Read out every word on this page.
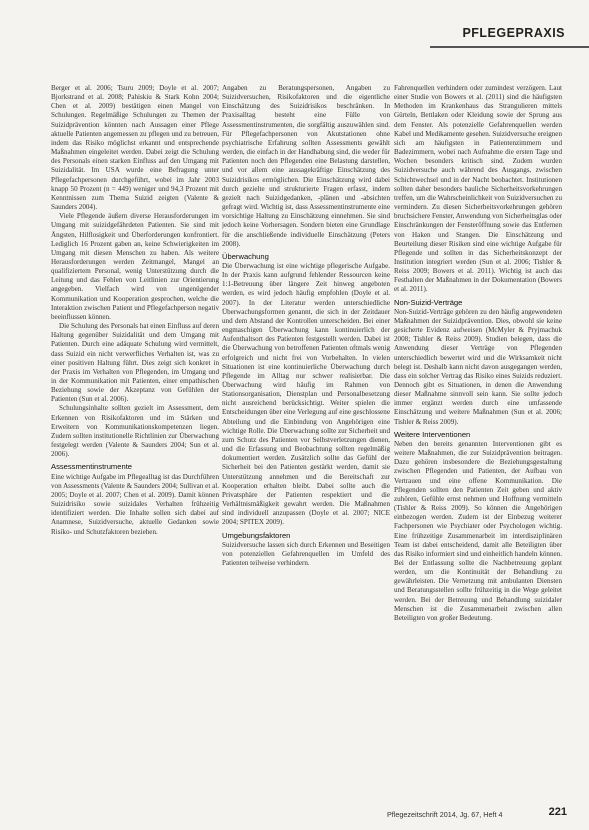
PFLEGEPRAXIS

Berger et al. 2006; Tsuru 2009; Doyle et al. 2007; Bjorkstrand et al. 2008; Pahiskiu & Stark Kohn 2004; Chen et al. 2009) bestätigen einen Mangel von Schulungen. Regelmäßige Schulungen zu Themen der Suizidprävention könnten nach Aussagen einer Pflege aktuelle Patienten angemessen zu pflegen und zu betreuen, indem das Risiko möglichst erkannt und entsprechende Maßnahmen eingeleitet werden. Dabei zeigt die Schulung des Personals einen starken Einfluss auf den Umgang mit Suizidalität. Im USA wurde eine Befragung unter Pflegefachpersonen durchgeführt, wobei im Jahr 2003 knapp 50 Prozent (n = 449) weniger und 94,3 Prozent mit Kenntnissen zum Thema Suizid zeigten (Valente & Saunders 2004).

Viele Pflegende äußern diverse Herausforderungen im Umgang mit suizidgefährdeten Patienten. Sie sind mit Ängsten, Hilflosigkeit und Überforderungen konfrontiert. Lediglich 16 Prozent gaben an, keine Schwierigkeiten im Umgang mit diesen Menschen zu haben. Als weitere Herausforderungen werden Zeitmangel, Mangel an qualifiziertem Personal, wenig Unterstützung durch die Leitung und das Fehlen von Leitlinien zur Orientierung angegeben. Vielfach wird von ungenügender Kommunikation und Kooperation gesprochen, welche die Interaktion zwischen Patient und Pflegefachperson negativ beeinflussen können.

Die Schulung des Personals hat einen Einfluss auf deren Haltung gegenüber Suizidalität und dem Umgang mit Patienten. Durch eine adäquate Schulung wird vermittelt, dass Suizid ein nicht verwerfliches Verhalten ist, was zu einer positiven Haltung führt. Dies zeigt sich konkret in der Praxis im Verhalten von Pflegenden, im Umgang und in der Kommunikation mit Patienten, einer empathischen Beziehung sowie der Akzeptanz von Gefühlen der Patienten (Sun et al. 2006).

Schulungsinhalte sollten gezielt im Assessment, dem Erkennen von Risikofaktoren und im Stärken und Erweitern von Kommunikationskompetenzen liegen. Zudem sollten institutionelle Richtlinien zur Überwachung festgelegt werden (Valente & Saunders 2004; Sun et al. 2006).

Assessmentinstrumente

Eine wichtige Aufgabe im Pflegealltag ist das Durchführen von Assessments (Valente & Saunders 2004; Sullivan et al. 2005; Doyle et al. 2007; Chen et al. 2009). Damit können Suizidrisiko sowie suizidales Verhalten frühzeitig identifiziert werden. Die Inhalte sollen sich dabei auf Anamnese, Suizidversuche, aktuelle Gedanken sowie Risiko- und Schutzfaktoren beziehen.

Angaben zu Beratungspersonen, Angaben zu Suizidversuchen, Risikofaktoren und die eigentliche Einschätzung des Suizidrisikos beschränken. In Praxisalltag besteht eine Fülle von Assessmentinstrumenten, die sorgfältig auszuwählen sind. Für Pflegefachpersonen von Akutstationen ohne psychiatrische Erfahrung sollten Assessments gewählt werden, die einfach in der Handhabung sind, die weder für Patienten noch den Pflegenden eine Belastung darstellen, und vor allem eine aussagekräftige Einschätzung des Suizidrisikos ermöglichen. Die Einschätzung wird dabei durch gezielte und strukturierte Fragen erfasst, indem gezielt nach Suizidgedanken, -plänen und -absichten gefragt wird. Wichtig ist, dass Assessmentinstrumente eine vorsichtige Haltung zu Einschätzung einnehmen. Sie sind jedoch keine Vorhersagen. Sondern bieten eine Grundlage für die anschließende individuelle Einschätzung (Peters 2008).

Überwachung

Die Überwachung ist eine wichtige pflegerische Aufgabe. In der Praxis kann aufgrund fehlender Ressourcen keine 1:1-Betreuung über längere Zeit hinweg angeboten werden, es wird jedoch häufig empfohlen (Doyle et al. 2007). In der Literatur werden unterschiedliche Überwachungsformen genannt, die sich in der Zeitdauer und dem Abstand der Kontrollen unterscheiden. Bei einer engmaschigen Überwachung kann kontinuierlich der Aufenthaltsort des Patienten festgestellt werden. Dabei ist die Überwachung von betroffenen Patienten oftmals wenig erfolgreich und nicht frei von Vorbehalten. In vielen Situationen ist eine kontinuierliche Überwachung durch Pflegende im Alltag nur schwer realisierbar. Die Überwachung wird häufig im Rahmen von Stationsorganisation, Dienstplan und Personalbesetzung nicht ausreichend berücksichtigt. Weiter spielen die Entscheidungen über eine Verlegung auf eine geschlossene Abteilung und die Einbindung von Angehörigen eine wichtige Rolle. Die Überwachung sollte zur Sicherheit und zum Schutz des Patienten vor Selbstverletzungen dienen, und die Erfassung und Beobachtung sollten regelmäßig dokumentiert werden. Zusätzlich sollte das Gefühl der Sicherheit bei den Patienten gestärkt werden, damit sie Unterstützung annehmen und die Bereitschaft zur Kooperation erhalten bleibt. Dabei sollte auch die Privatsphäre der Patienten respektiert und die Verhältnismäßigkeit gewahrt werden. Die Maßnahmen sind individuell anzupassen (Doyle et al. 2007; NICE 2004; SPITEX 2009).

Umgebungsfaktoren

Suizidversuche lassen sich durch Erkennen und Beseitigen von potenziellen Gefahrenquellen im Umfeld des Patienten teilweise verhindern.

Fahrenquellen verhindern oder zumindest verzögern. Laut einer Studie von Bowers et al. (2011) sind die häufigsten Methoden im Krankenhaus das Strangulieren mittels Gürteln, Bettlaken oder Kleidung sowie der Sprung aus dem Fenster. Als potenzielle Gefahrenquellen werden Kabel und Medikamente gesehen. Suizidversuche ereignen sich am häufigsten in Patientenzimmern und Badezimmern, wobei nach Aufnahme die ersten Tage und Wochen besonders kritisch sind. Zudem wurden Suizidversuche auch während des Ausgangs, zwischen Schichtwechsel und in der Nacht beobachtet. Institutionen sollten daher besonders bauliche Sicherheitsvorkehrungen treffen, um die Wahrscheinlichkeit von Suizidversuchen zu vermindern. Zu diesen Sicherheitsvorkehrungen gehören bruchsichere Fenster, Anwendung von Sicherheitsglas oder Einschränkungen der Fensteröffnung sowie das Entfernen von Haken und Stangen. Die Einschätzung und Beurteilung dieser Risiken sind eine wichtige Aufgabe für Pflegende und sollten in das Sicherheitskonzept der Institution integriert werden (Sun et al. 2006; Tishler & Reiss 2009; Bowers et al. 2011). Wichtig ist auch das Festhalten der Maßnahmen in der Dokumentation (Bowers et al. 2011).

Non-Suizid-Verträge

Non-Suizid-Verträge gehören zu den häufig angewendeten Maßnahmen der Suizidprävention. Dies, obwohl sie keine gesicherte Evidenz aufweisen (McMyler & Pryjmachuk 2008; Tishler & Reiss 2009). Studien belegen, dass die Anwendung dieser Verträge von Pflegenden unterschiedlich bewertet wird und die Wirksamkeit nicht belegt ist. Deshalb kann nicht davon ausgegangen werden, dass ein solcher Vertrag das Risiko eines Suizids reduziert. Dennoch gibt es Situationen, in denen die Anwendung dieser Maßnahme sinnvoll sein kann. Sie sollte jedoch immer ergänzt werden durch eine umfassende Einschätzung und weitere Maßnahmen (Sun et al. 2006; Tishler & Reiss 2009).

Weitere Interventionen

Neben den bereits genannten Interventionen gibt es weitere Maßnahmen, die zur Suizidprävention beitragen. Dazu gehören insbesondere die Beziehungsgestaltung zwischen Pflegenden und Patienten, der Aufbau von Vertrauen und eine offene Kommunikation. Die Pflegenden sollten den Patienten Zeit geben und aktiv zuhören, Gefühle ernst nehmen und Hoffnung vermitteln (Tishler & Reiss 2009). So können die Angehörigen einbezogen werden. Zudem ist der Einbezug weiterer Fachpersonen wie Psychiater oder Psychologen wichtig. Eine frühzeitige Zusammenarbeit im interdisziplinären Team ist dabei entscheidend, damit alle Beteiligten über das Risiko informiert sind und einheitlich handeln können. Bei der Entlassung sollte die Nachbetreuung geplant werden, um die Kontinuität der Behandlung zu gewährleisten. Die Vernetzung mit ambulanten Diensten und Beratungsstellen sollte frühzeitig in die Wege geleitet werden. Bei der Betreuung und Behandlung suizidaler Menschen ist die Zusammenarbeit zwischen allen Beteiligten von großer Bedeutung.

Pflegezeitschrift 2014, Jg. 67, Heft 4	221
